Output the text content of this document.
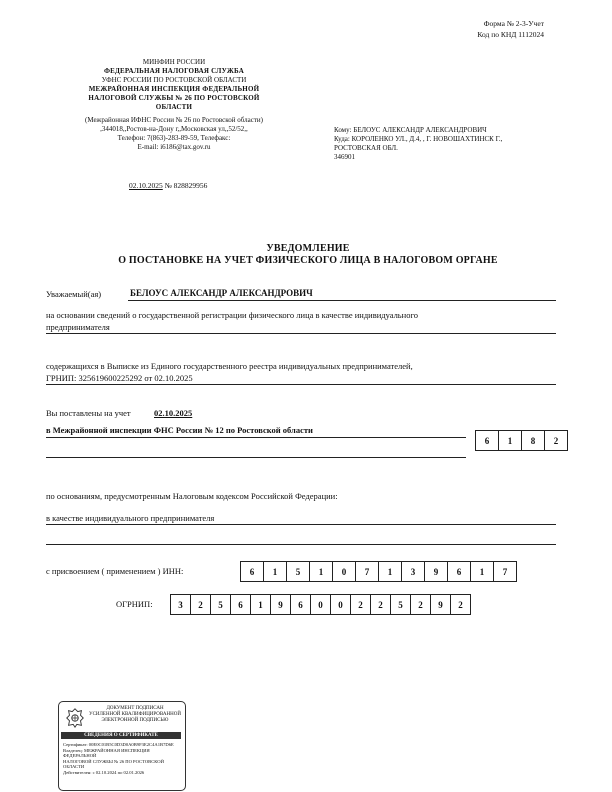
Форма № 2-3-Учет
Код по КНД 1112024
МИНФИН РОССИИ
ФЕДЕРАЛЬНАЯ НАЛОГОВАЯ СЛУЖБА
УФНС РОССИИ ПО РОСТОВСКОЙ ОБЛАСТИ
МЕЖРАЙОННАЯ ИНСПЕКЦИЯ ФЕДЕРАЛЬНОЙ
НАЛОГОВОЙ СЛУЖБЫ № 26 ПО РОСТОВСКОЙ
ОБЛАСТИ
(Межрайонная ИФНС России № 26 по Ростовской области)
,344018,,Ростов-на-Дону г,,Московская ул,,52/52,,
Телефон: 7(863)-283-89-59, Телефакс:
E-mail: i6186@tax.gov.ru
Кому: БЕЛОУС АЛЕКСАНДР АЛЕКСАНДРОВИЧ
Куда: КОРОЛЕНКО УЛ., Д.4, , Г. НОВОШАХТИНСК Г.,
РОСТОВСКАЯ ОБЛ.
346901
02.10.2025 № 828829956
УВЕДОМЛЕНИЕ
О ПОСТАНОВКЕ НА УЧЕТ ФИЗИЧЕСКОГО ЛИЦА В НАЛОГОВОМ ОРГАНЕ
Уважаемый(ая)	БЕЛОУС АЛЕКСАНДР АЛЕКСАНДРОВИЧ
на основании сведений о государственной регистрации физического лица в качестве индивидуального
предпринимателя
содержащихся в Выписке из Единого государственного реестра индивидуальных предпринимателей,
ГРНИП: 325619600225292 от 02.10.2025
Вы поставлены на учет	02.10.2025
в Межрайонной инспекции ФНС России № 12 по Ростовской области
6	1	8	2
по основаниям, предусмотренным Налоговым кодексом Российской Федерации:
в качестве индивидуального предпринимателя
с присвоением ( применением ) ИНН:	6	1	5	1	0	7	1	3	9	6	1	7
ОГРНИП:	3	2	5	6	1	9	6	0	0	2	2	5	2	9	2
ДОКУМЕНТ ПОДПИСАН
УСИЛЕННОЙ КВАЛИФИЦИРОВАННОЙ
ЭЛЕКТРОННОЙ ПОДПИСЬЮ
СВЕДЕНИЯ О СЕРТИФИКАТЕ
Сертификат: 00E0C01B5C0D3D0A0B9F3E2C4A1B7D6E
Владелец: МЕЖРАЙОННАЯ ИНСПЕКЦИЯ ФЕДЕРАЛЬНОЙ
НАЛОГОВОЙ СЛУЖБЫ № 26 ПО РОСТОВСКОЙ ОБЛАСТИ
Действителен: с 02.10.2024 по 02.01.2026
